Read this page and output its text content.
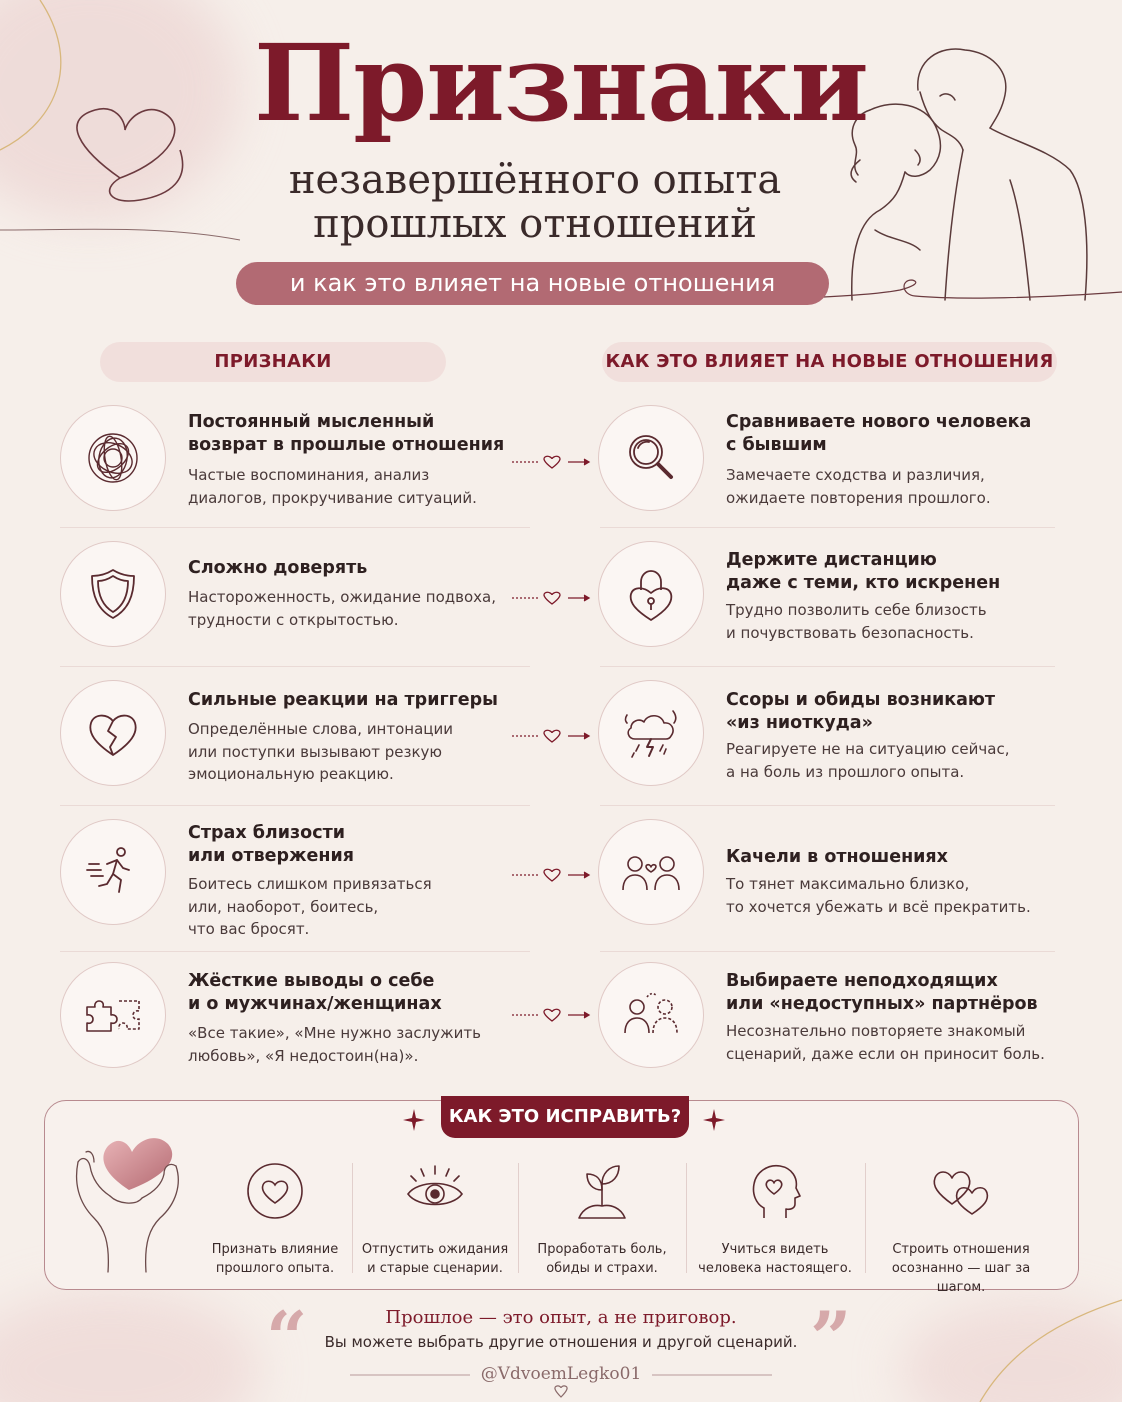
Признаки
незавершённого опыта
прошлых отношений
и как это влияет на новые отношения
ПРИЗНАКИ	КАК ЭТО ВЛИЯЕТ НА НОВЫЕ ОТНОШЕНИЯ
Постоянный мысленный
возврат в прошлые отношения
Частые воспоминания, анализ
диалогов, прокручивание ситуаций.
Сравниваете нового человека
с бывшим
Замечаете сходства и различия,
ожидаете повторения прошлого.
Сложно доверять
Настороженность, ожидание подвоха,
трудности с открытостью.
Держите дистанцию
даже с теми, кто искренен
Трудно позволить себе близость
и почувствовать безопасность.
Сильные реакции на триггеры
Определённые слова, интонации
или поступки вызывают резкую
эмоциональную реакцию.
Ссоры и обиды возникают
«из ниоткуда»
Реагируете не на ситуацию сейчас,
а на боль из прошлого опыта.
Страх близости
или отвержения
Боитесь слишком привязаться
или, наоборот, боитесь,
что вас бросят.
Качели в отношениях
То тянет максимально близко,
то хочется убежать и всё прекратить.
Жёсткие выводы о себе
и о мужчинах/женщинах
«Все такие», «Мне нужно заслужить
любовь», «Я недостоин(на)».
Выбираете неподходящих
или «недоступных» партнёров
Несознательно повторяете знакомый
сценарий, даже если он приносит боль.
КАК ЭТО ИСПРАВИТЬ?
Признать влияние
прошлого опыта.
Отпустить ожидания
и старые сценарии.
Проработать боль,
обиды и страхи.
Учиться видеть
человека настоящего.
Строить отношения
осознанно — шаг за шагом.
“	”
Прошлое — это опыт, а не приговор.
Вы можете выбрать другие отношения и другой сценарий.
@VdvoemLegko01
